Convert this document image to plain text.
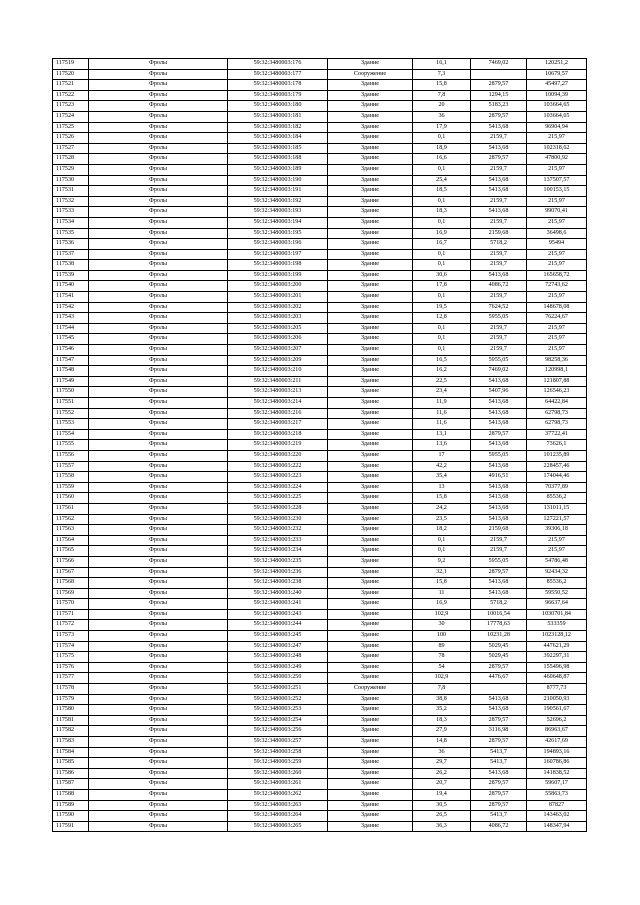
117519	Фролы	59:32:3480003:176	Здание	16,1	7469,02	120251,2
117520	Фролы	59:32:3480003:177	Сооружение	7,3		10679,57
117521	Фролы	59:32:3480003:178	Здание	15,8	2879,57	45497,27
117522	Фролы	59:32:3480003:179	Здание	7,8	1294,15	10094,39
117523	Фролы	59:32:3480003:180	Здание	20	5183,23	103664,65
117524	Фролы	59:32:3480003:181	Здание	36	2879,57	103664,65
117525	Фролы	59:32:3480003:182	Здание	17,9	5413,68	96904,94
117526	Фролы	59:32:3480003:184	Здание	0,1	2159,7	215,97
117527	Фролы	59:32:3480003:185	Здание	18,9	5413,68	102318,62
117528	Фролы	59:32:3480003:188	Здание	16,6	2879,57	47800,92
117529	Фролы	59:32:3480003:189	Здание	0,1	2159,7	215,97
117530	Фролы	59:32:3480003:190	Здание	25,4	5413,68	137507,57
117531	Фролы	59:32:3480003:191	Здание	18,5	5413,68	100153,15
117532	Фролы	59:32:3480003:192	Здание	0,1	2159,7	215,97
117533	Фролы	59:32:3480003:193	Здание	18,3	5413,68	99070,41
117534	Фролы	59:32:3480003:194	Здание	0,1	2159,7	215,97
117535	Фролы	59:32:3480003:195	Здание	16,9	2159,68	36498,6
117536	Фролы	59:32:3480003:196	Здание	16,7	5718,2	95494
117537	Фролы	59:32:3480003:197	Здание	0,1	2159,7	215,97
117538	Фролы	59:32:3480003:198	Здание	0,1	2159,7	215,97
117539	Фролы	59:32:3480003:199	Здание	30,6	5413,68	165658,72
117540	Фролы	59:32:3480003:200	Здание	17,8	4086,72	72743,62
117541	Фролы	59:32:3480003:201	Здание	0,1	2159,7	215,97
117542	Фролы	59:32:3480003:202	Здание	19,5	7624,52	148678,08
117543	Фролы	59:32:3480003:203	Здание	12,8	5955,05	76224,67
117544	Фролы	59:32:3480003:205	Здание	0,1	2159,7	215,97
117545	Фролы	59:32:3480003:206	Здание	0,1	2159,7	215,97
117546	Фролы	59:32:3480003:207	Здание	0,1	2159,7	215,97
117547	Фролы	59:32:3480003:209	Здание	16,5	5955,05	98258,36
117548	Фролы	59:32:3480003:210	Здание	16,2	7469,02	120998,1
117549	Фролы	59:32:3480003:211	Здание	22,5	5413,68	121807,88
117550	Фролы	59:32:3480003:213	Здание	23,4	5407,96	126546,23
117551	Фролы	59:32:3480003:214	Здание	11,9	5413,68	64422,84
117552	Фролы	59:32:3480003:216	Здание	11,6	5413,68	62798,73
117553	Фролы	59:32:3480003:217	Здание	11,6	5413,68	62798,73
117554	Фролы	59:32:3480003:218	Здание	13,1	2879,57	37722,41
117555	Фролы	59:32:3480003:219	Здание	13,6	5413,68	73626,1
117556	Фролы	59:32:3480003:220	Здание	17	5955,05	101235,89
117557	Фролы	59:32:3480003:222	Здание	42,2	5413,68	228457,46
117558	Фролы	59:32:3480003:223	Здание	35,4	4916,51	174044,46
117559	Фролы	59:32:3480003:224	Здание	13	5413,68	70377,89
117560	Фролы	59:32:3480003:225	Здание	15,8	5413,68	85536,2
117561	Фролы	59:32:3480003:228	Здание	24,2	5413,68	131011,15
117562	Фролы	59:32:3480003:230	Здание	23,5	5413,68	127221,57
117563	Фролы	59:32:3480003:232	Здание	18,2	2159,68	39306,18
117564	Фролы	59:32:3480003:233	Здание	0,1	2159,7	215,97
117565	Фролы	59:32:3480003:234	Здание	0,1	2159,7	215,97
117566	Фролы	59:32:3480003:235	Здание	9,2	5955,05	54786,48
117567	Фролы	59:32:3480003:236	Здание	32,1	2879,57	92434,32
117568	Фролы	59:32:3480003:238	Здание	15,8	5413,68	85536,2
117569	Фролы	59:32:3480003:240	Здание	11	5413,68	59550,52
117570	Фролы	59:32:3480003:241	Здание	16,9	5718,2	96637,64
117571	Фролы	59:32:3480003:243	Здание	102,9	10016,54	1030701,84
117572	Фролы	59:32:3480003:244	Здание	30	17778,63	533359
117573	Фролы	59:32:3480003:245	Здание	100	10231,28	1023128,12
117574	Фролы	59:32:3480003:247	Здание	89	5029,45	447621,29
117575	Фролы	59:32:3480003:248	Здание	78	5029,45	392297,31
117576	Фролы	59:32:3480003:249	Здание	54	2879,57	155496,98
117577	Фролы	59:32:3480003:250	Здание	102,9	4476,67	460648,87
117578	Фролы	59:32:3480003:251	Сооружение	7,8		8777,73
117579	Фролы	59:32:3480003:252	Здание	38,8	5413,68	210050,93
117580	Фролы	59:32:3480003:253	Здание	35,2	5413,68	190561,67
117581	Фролы	59:32:3480003:254	Здание	18,3	2879,57	52696,2
117582	Фролы	59:32:3480003:256	Здание	27,9	3116,98	86963,67
117583	Фролы	59:32:3480003:257	Здание	14,8	2879,57	42617,69
117584	Фролы	59:32:3480003:258	Здание	36	5413,7	194893,16
117585	Фролы	59:32:3480003:259	Здание	29,7	5413,7	160786,86
117586	Фролы	59:32:3480003:260	Здание	26,2	5413,68	141838,52
117587	Фролы	59:32:3480003:261	Здание	20,7	2879,57	59607,17
117588	Фролы	59:32:3480003:262	Здание	19,4	2879,57	55863,73
117589	Фролы	59:32:3480003:263	Здание	30,5	2879,57	87827
117590	Фролы	59:32:3480003:264	Здание	26,5	5413,7	143463,02
117591	Фролы	59:32:3480003:265	Здание	36,3	4086,72	148347,94
